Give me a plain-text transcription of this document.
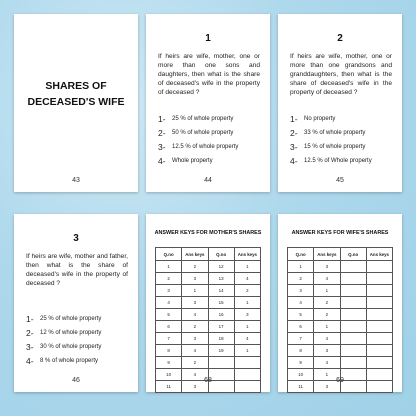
SHARES OF DECEASED'S WIFE
43
1
If heirs are wife, mother, one or more than one sons and daughters, then what is the share of deceased's wife in the property of deceased ?
1-	25 % of whole property
2-	50 % of whole property
3-	12.5 % of whole property
4-	Whole property
44
2
If heirs are wife, mother, one or more than one grandsons and granddaughters, then what is the share of deceased's wife in the property of deceased ?
1-	No property
2-	33 % of whole property
3-	15 % of whole property
4-	12.5 % of Whole property
45
3
If heirs are wife, mother and father, then what is the share of deceased's wife in the property of deceased ?
1-	25 % of whole property
2-	12 % of whole property
3-	30 % of whole property
4-	8 % of whole property
46
ANSWER KEYS FOR MOTHER'S SHARES
Q.no	Ans keys	Q.no	Ans keys
1	2	12	1
2	3	13	4
3	1	14	2
4	3	15	1
5	4	16	3
6	2	17	1
7	3	18	4
8	4	19	1
9	2		
10	4		
11	3		
68
ANSWER KEYS FOR WIFE'S SHARES
Q.no	Ans keys	Q.no	Ans keys
1	3		
2	4		
3	1		
4	2		
5	2		
6	1		
7	4		
8	3		
9	4		
10	1		
11	3		
69
